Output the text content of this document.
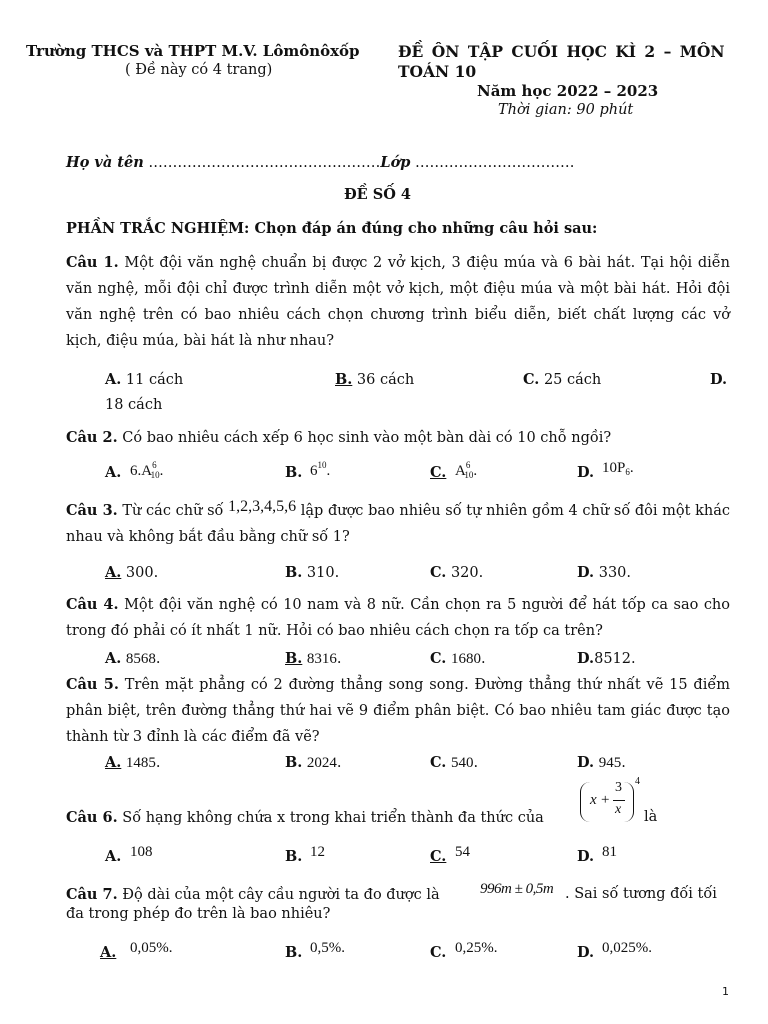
Trường THCS và THPT M.V. Lômônôxốp
( Đề này có 4 trang)
ĐỀ ÔN TẬP CUỐI HỌC KÌ 2 – MÔN
TOÁN 10
Năm học 2022 – 2023
Thời gian: 90 phút
Họ và tên …………………………………………Lớp ……………………………
ĐỀ SỐ 4
PHẦN TRẮC NGHIỆM: Chọn đáp án đúng cho những câu hỏi sau:
Câu 1. Một đội văn nghệ chuẩn bị được 2 vở kịch, 3 điệu múa và 6 bài hát. Tại hội diễn văn nghệ, mỗi đội chỉ được trình diễn một vở kịch, một điệu múa và một bài hát. Hỏi đội văn nghệ trên có bao nhiêu cách chọn chương trình biểu diễn, biết chất lượng các vở kịch, điệu múa, bài hát là như nhau?
A. 11 cách	B. 36 cách	C. 25 cách	D.
18 cách
Câu 2. Có bao nhiêu cách xếp 6 học sinh vào một bàn dài có 10 chỗ ngồi?
A. $6.A^6_{10}$.	B. $6^{10}$.	C. $A^6_{10}$.	D. $10P_6$.
Câu 3. Từ các chữ số 1,2,3,4,5,6 lập được bao nhiêu số tự nhiên gồm 4 chữ số đôi một khác nhau và không bắt đầu bằng chữ số 1?
A. 300.	B. 310.	C. 320.	D. 330.
Câu 4. Một đội văn nghệ có 10 nam và 8 nữ. Cần chọn ra 5 người để hát tốp ca sao cho trong đó phải có ít nhất 1 nữ. Hỏi có bao nhiêu cách chọn ra tốp ca trên?
A. 8568.	B. 8316.	C. 1680.	D.8512.
Câu 5. Trên mặt phẳng có 2 đường thẳng song song. Đường thẳng thứ nhất vẽ 15 điểm phân biệt, trên đường thẳng thứ hai vẽ 9 điểm phân biệt. Có bao nhiêu tam giác được tạo thành từ 3 đỉnh là các điểm đã vẽ?
A. 1485.	B. 2024.	C. 540.	D. 945.
Câu 6. Số hạng không chứa x trong khai triển thành đa thức của
x +
3
x
4
là
A. 108	B. 12	C. 54	D. 81
Câu 7. Độ dài của một cây cầu người ta đo được là	996m ± 0,5m . Sai số tương đối tối
đa trong phép đo trên là bao nhiêu?
A. 0,05%.	B. 0,5%.	C. 0,25%.	D. 0,025%.
1
